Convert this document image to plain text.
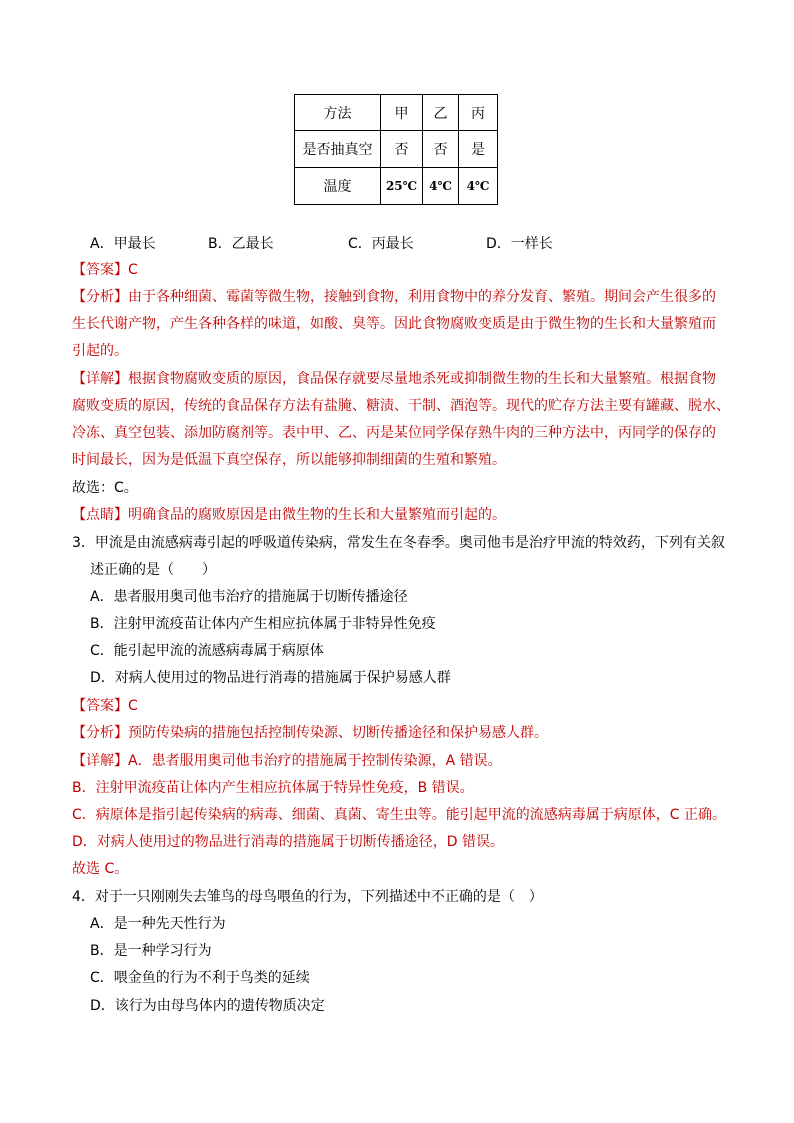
方法	甲	乙	丙
是否抽真空	否	否	是
温度	25℃	4℃	4℃
A．甲最长	B．乙最长	C．丙最长	D．一样长
【答案】C
【分析】由于各种细菌、霉菌等微生物，接触到食物，利用食物中的养分发育、繁殖。期间会产生很多的
生长代谢产物，产生各种各样的味道，如酸、臭等。因此食物腐败变质是由于微生物的生长和大量繁殖而
引起的。
【详解】根据食物腐败变质的原因，食品保存就要尽量地杀死或抑制微生物的生长和大量繁殖。根据食物
腐败变质的原因，传统的食品保存方法有盐腌、糖渍、干制、酒泡等。现代的贮存方法主要有罐藏、脱水、
冷冻、真空包装、添加防腐剂等。表中甲、乙、丙是某位同学保存熟牛肉的三种方法中，丙同学的保存的
时间最长，因为是低温下真空保存，所以能够抑制细菌的生殖和繁殖。
故选：C。
【点睛】明确食品的腐败原因是由微生物的生长和大量繁殖而引起的。
3．甲流是由流感病毒引起的呼吸道传染病，常发生在冬春季。奥司他韦是治疗甲流的特效药，下列有关叙
述正确的是（　　）
A．患者服用奥司他韦治疗的措施属于切断传播途径
B．注射甲流疫苗让体内产生相应抗体属于非特异性免疫
C．能引起甲流的流感病毒属于病原体
D．对病人使用过的物品进行消毒的措施属于保护易感人群
【答案】C
【分析】预防传染病的措施包括控制传染源、切断传播途径和保护易感人群。
【详解】A．患者服用奥司他韦治疗的措施属于控制传染源，A 错误。
B．注射甲流疫苗让体内产生相应抗体属于特异性免疫，B 错误。
C．病原体是指引起传染病的病毒、细菌、真菌、寄生虫等。能引起甲流的流感病毒属于病原体，C 正确。
D．对病人使用过的物品进行消毒的措施属于切断传播途径，D 错误。
故选 C。
4．对于一只刚刚失去雏鸟的母鸟喂鱼的行为，下列描述中不正确的是（　）
A．是一种先天性行为
B．是一种学习行为
C．喂金鱼的行为不利于鸟类的延续
D．该行为由母鸟体内的遗传物质决定
